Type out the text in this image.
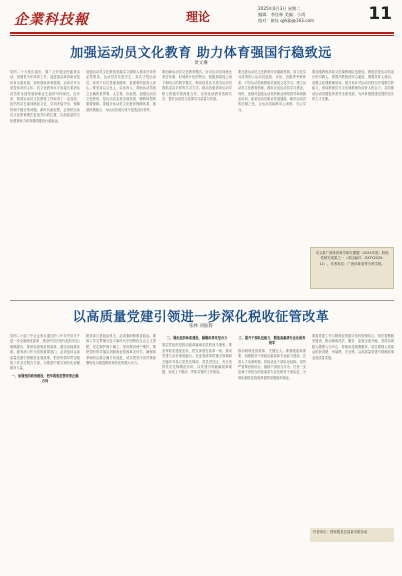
企業科技報	理论
2025年6月3日 星期二
编辑：李佳林 美编：小尚
校对：新钰 qykjb@163.com	11
加强运动员文化教育 助力体育强国行稳致远
黄文琳
党的二十大报告指出，要广泛开展全民健身活动，加强青少年体育工作，促进群众体育和竞技体育全面发展，加快建设体育强国。运动员作为竞技体育的主体，其文化教育水平直接关系到运动员的全面发展和职业生涯的可持续性。近年来，我国运动员文化教育工作取得了一定成效，但仍然存在重训练轻文化、学训矛盾突出、保障机制不健全等问题。新时代新征程，必须把运动员文化教育摆在更加突出的位置，以高质量的文化教育助力体育强国建设行稳致远。
加强运动员文化教育是落实立德树人根本任务的必然要求。运动员首先是学生，其次才是运动员。体育不仅仅是强身健体，更重要的是育人育心。要坚持以文化人、以体育人，帮助运动员树立正确的世界观、人生观、价值观。加强运动员文化教育，是运动员实现全面发展、顺利转型的重要保障。要健全运动员文化教育保障体系，推进体教融合，为运动员成长成才创造良好条件。
要创新运动员文化教育模式。针对运动员训练比赛任务重、时间碎片化的特点，积极探索线上线下相结合的教学模式，利用信息化手段为运动员提供灵活多样的学习方式。推动各级体育运动学校与普通学校深度合作，实现优质教育资源共享，提升运动员文化课学习质量与效果。
要完善运动员文化教育评价激励机制。将文化学习成绩纳入运动员选拔、评优、晋级等考核体系，引导运动员和教练员重视文化学习。建立运动员文化教育档案，跟踪记录运动员学习情况。同时，加强对退役运动员的职业规划指导和再就业培训，拓宽运动员职业发展通道，解决运动员的后顾之忧，让运动员能够安心训练、专心学习。
要加强教练员和文化课教师队伍建设。教练员是运动员成长的引路人，要提升教练员综合素质，增强其育人意识。加强文化课教师培训，提升其针对运动员特点开展教学的能力，形成教练员与文化课教师协同育人的合力，共同推动运动员德智体美劳全面发展，为体育强国建设提供坚实的人才支撑。
本文系广西体育科学研究课题（2025年度）阶段性研究成果之一（项目编号：GXTY2025-11）。作者单位：广西体育高等专科学校。
以高质量党建引领进一步深化税收征管改革
张林 刘振辉
党的二十届三中全会审议通过的《中共中央关于进一步全面深化改革、推进中国式现代化的决定》明确提出，要深化税收征管改革，健全直接税体系。税务部门作为党的重要部门，必须坚持以高质量党建引领税收征管改革，把党的领导贯穿税收工作全过程各方面，为推进中国式现代化贡献税务力量。
一、加强党的政治建设，把牢税收征管改革正确方向
税务部门是政治机关，必须旗帜鲜明讲政治。要深入学习贯彻习近平新时代中国特色社会主义思想，坚定拥护两个确立、坚决做到两个维护。要把党的领导落实到税收征管改革各环节，确保改革始终沿着正确方向前进，切实把党中央决策部署转化为推进税收现代化的强大动力。
二、强化组织体系建设，凝聚改革攻坚合力
基层党组织是推动改革落地见效的战斗堡垒。要坚持抓党建促业务，把支部建在改革一线，推动党建与业务深度融合。在征管改革的重点领域和关键环节设立党员先锋岗、党员责任区，充分发挥党员先锋模范作用，以党建引领破解改革难题，形成上下联动、齐抓共管的工作格局。
三、提升干部队伍能力，锻造高素质专业化税务铁军
推动税收征管改革，关键在人。要着眼改革需要，加强税务干部政治素质和专业能力建设，完善人才培养机制，持续优化干部队伍结构。坚持严管厚爱相结合，激励干部担当作为，打造一支忠诚干净担当的高素质专业化税务干部队伍，为深化税收征管改革提供坚强组织保证。
要将党建工作与税收征管数字化转型相结合，依托智慧税务建设，推动税收执法、服务、监管全面升级。坚持以纳税人缴费人为中心，持续优化税费服务，切实增强人民群众的获得感、幸福感、安全感，以高质量党建引领税收事业高质量发展。
作者单位：国家税务总局某市税务局
